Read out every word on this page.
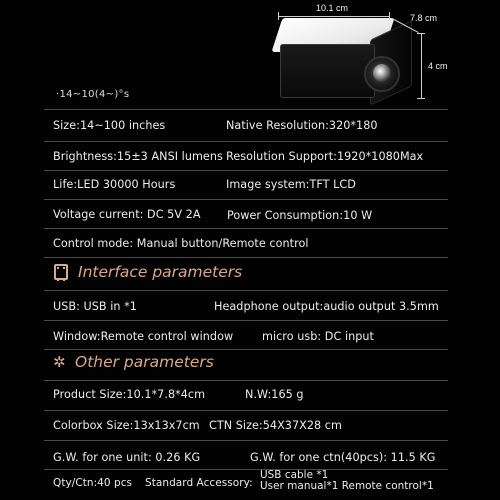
10.1 cm
7.8 cm
4 cm
·14~10(4~)°s
Size:14~100 inches	Native Resolution:320*180
Brightness:15±3 ANSI lumens Resolution Support:1920*1080Max
Life:LED 30000 Hours	Image system:TFT LCD
Voltage current: DC 5V 2A Power Consumption:10 W
Control mode: Manual button/Remote control
Interface parameters
USB: USB in *1	Headphone output:audio output 3.5mm
Window:Remote control window	micro usb: DC input
✲ Other parameters
Product Size:10.1*7.8*4cm	N.W:165 g
Colorbox Size:13x13x7cm CTN Size:54X37X28 cm
G.W. for one unit: 0.26 KG	G.W. for one ctn(40pcs): 11.5 KG
Qty/Ctn:40 pcs Standard Accessory:
USB cable *1
User manual*1 Remote control*1
